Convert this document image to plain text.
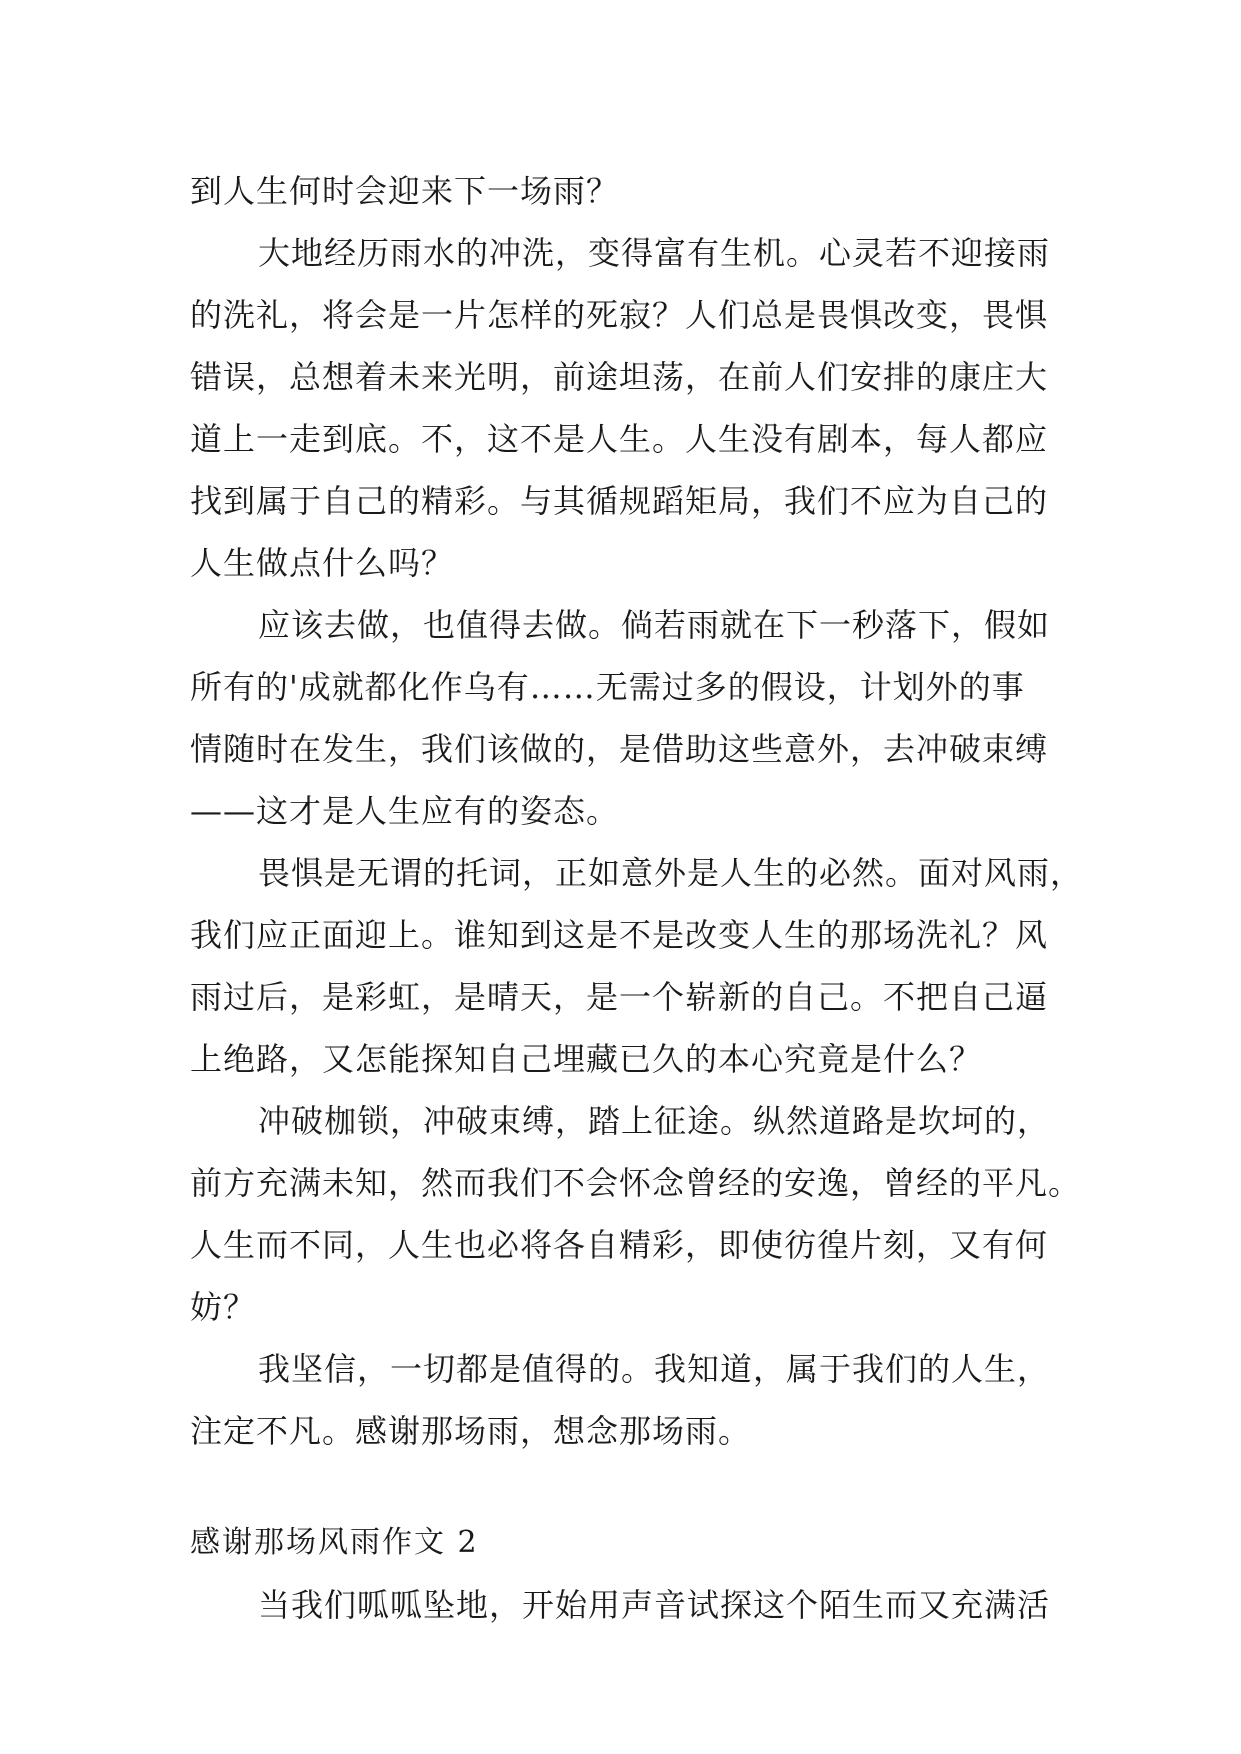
到人生何时会迎来下一场雨？
大地经历雨水的冲洗，变得富有生机。心灵若不迎接雨
的洗礼，将会是一片怎样的死寂？人们总是畏惧改变，畏惧
错误，总想着未来光明，前途坦荡，在前人们安排的康庄大
道上一走到底。不，这不是人生。人生没有剧本，每人都应
找到属于自己的精彩。与其循规蹈矩局，我们不应为自己的
人生做点什么吗？
应该去做，也值得去做。倘若雨就在下一秒落下，假如
所有的'成就都化作乌有……无需过多的假设，计划外的事
情随时在发生，我们该做的，是借助这些意外，去冲破束缚
——这才是人生应有的姿态。
畏惧是无谓的托词，正如意外是人生的必然。面对风雨，
我们应正面迎上。谁知到这是不是改变人生的那场洗礼？风
雨过后，是彩虹，是晴天，是一个崭新的自己。不把自己逼
上绝路，又怎能探知自己埋藏已久的本心究竟是什么？
冲破枷锁，冲破束缚，踏上征途。纵然道路是坎坷的，
前方充满未知，然而我们不会怀念曾经的安逸，曾经的平凡。
人生而不同，人生也必将各自精彩，即使彷徨片刻，又有何
妨？
我坚信，一切都是值得的。我知道，属于我们的人生，
注定不凡。感谢那场雨，想念那场雨。
感谢那场风雨作文 2
当我们呱呱坠地，开始用声音试探这个陌生而又充满活
